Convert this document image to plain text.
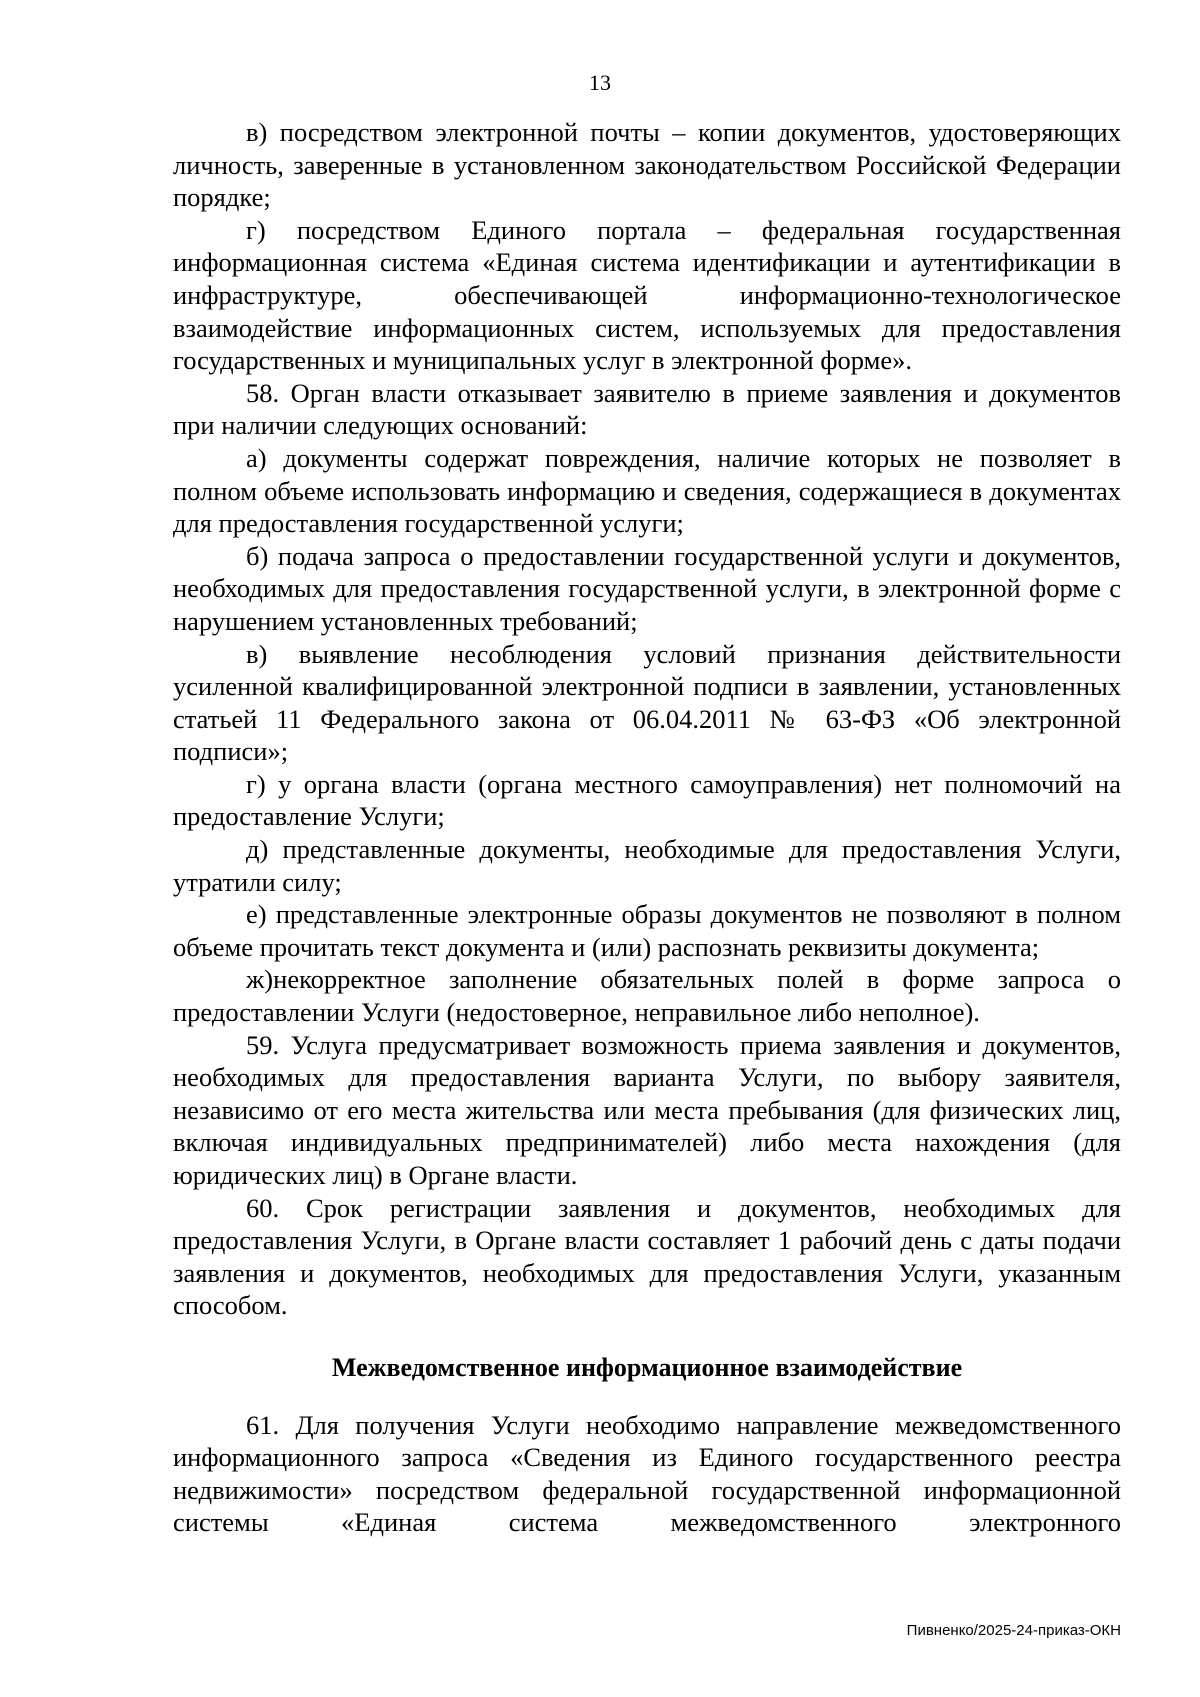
13

в) посредством электронной почты – копии документов, удостоверяющих личность, заверенные в установленном законодательством Российской Федерации порядке;

г) посредством Единого портала – федеральная государственная информационная система «Единая система идентификации и аутентификации в инфраструктуре, обеспечивающей информационно-технологическое взаимодействие информационных систем, используемых для предоставления государственных и муниципальных услуг в электронной форме».

58. Орган власти отказывает заявителю в приеме заявления и документов при наличии следующих оснований:

а) документы содержат повреждения, наличие которых не позволяет в полном объеме использовать информацию и сведения, содержащиеся в документах для предоставления государственной услуги;

б) подача запроса о предоставлении государственной услуги и документов, необходимых для предоставления государственной услуги, в электронной форме с нарушением установленных требований;

в) выявление несоблюдения условий признания действительности усиленной квалифицированной электронной подписи в заявлении, установленных статьей 11 Федерального закона от 06.04.2011 № 63-ФЗ «Об электронной подписи»;

г) у органа власти (органа местного самоуправления) нет полномочий на предоставление Услуги;

д) представленные документы, необходимые для предоставления Услуги, утратили силу;

е) представленные электронные образы документов не позволяют в полном объеме прочитать текст документа и (или) распознать реквизиты документа;

ж)некорректное заполнение обязательных полей в форме запроса о предоставлении Услуги (недостоверное, неправильное либо неполное).

59. Услуга предусматривает возможность приема заявления и документов, необходимых для предоставления варианта Услуги, по выбору заявителя, независимо от его места жительства или места пребывания (для физических лиц, включая индивидуальных предпринимателей) либо места нахождения (для юридических лиц) в Органе власти.

60. Срок регистрации заявления и документов, необходимых для предоставления Услуги, в Органе власти составляет 1 рабочий день с даты подачи заявления и документов, необходимых для предоставления Услуги, указанным способом.

Межведомственное информационное взаимодействие

61. Для получения Услуги необходимо направление межведомственного информационного запроса «Сведения из Единого государственного реестра недвижимости» посредством федеральной государственной информационной системы «Единая система межведомственного электронного

Пивненко/2025-24-приказ-ОКН
